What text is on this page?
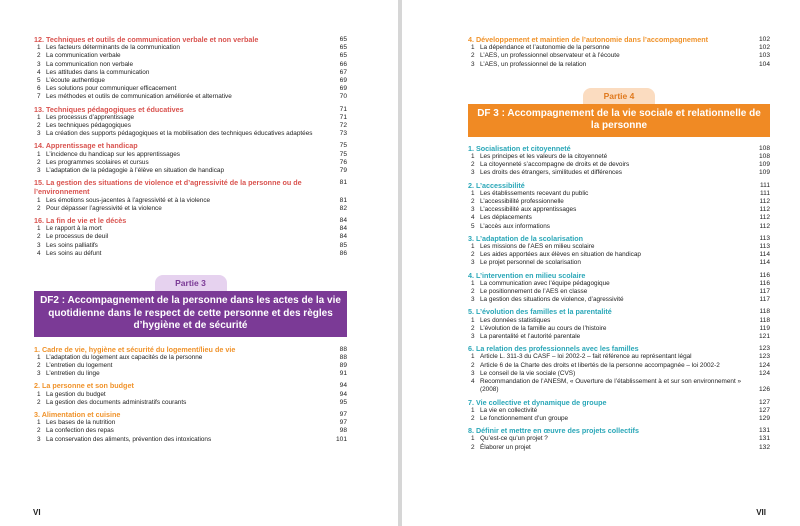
12. Techniques et outils de communication verbale et non verbale	65
1 Les facteurs déterminants de la communication	65
2 La communication verbale	65
3 La communication non verbale	66
4 Les attitudes dans la communication	67
5 L’écoute authentique	69
6 Les solutions pour communiquer efficacement	69
7 Les méthodes et outils de communication améliorée et alternative	70
13. Techniques pédagogiques et éducatives	71
1 Les processus d’apprentissage	71
2 Les techniques pédagogiques	72
3 La création des supports pédagogiques et la mobilisation des techniques éducatives adaptées	73
14. Apprentissage et handicap	75
1 L’incidence du handicap sur les apprentissages	75
2 Les programmes scolaires et cursus	76
3 L’adaptation de la pédagogie à l’élève en situation de handicap	79
15. La gestion des situations de violence et d’agressivité de la personne ou de l’environnement
81
1 Les émotions sous-jacentes à l’agressivité et à la violence	81
2 Pour dépasser l’agressivité et la violence	82
16. La fin de vie et le décès	84
1 Le rapport à la mort	84
2 Le processus de deuil	84
3 Les soins palliatifs	85
4 Les soins au défunt	86
Partie 3
DF2 : Accompagnement de la personne dans les actes de la vie quotidienne dans le respect de cette personne et des règles d’hygiène et de sécurité
1. Cadre de vie, hygiène et sécurité du logement/lieu de vie	88
1 L’adaptation du logement aux capacités de la personne	88
2 L’entretien du logement	89
3 L’entretien du linge	91
2. La personne et son budget	94
1 La gestion du budget	94
2 La gestion des documents administratifs courants	95
3. Alimentation et cuisine	97
1 Les bases de la nutrition	97
2 La confection des repas	98
3 La conservation des aliments, prévention des intoxications	101
VI
4. Développement et maintien de l’autonomie dans l’accompagnement	102
1 La dépendance et l’autonomie de la personne	102
2 L’AES, un professionnel observateur et à l’écoute	103
3 L’AES, un professionnel de la relation	104
Partie 4
DF 3 : Accompagnement de la vie sociale et relationnelle de la personne
1. Socialisation et citoyenneté	108
1 Les principes et les valeurs de la citoyenneté	108
2 La citoyenneté s’accompagne de droits et de devoirs	109
3 Les droits des étrangers, similitudes et différences	109
2. L’accessibilité	111
1 Les établissements recevant du public	111
2 L’accessibilité professionnelle	112
3 L’accessibilité aux apprentissages	112
4 Les déplacements	112
5 L’accès aux informations	112
3. L’adaptation de la scolarisation	113
1 Les missions de l’AES en milieu scolaire	113
2 Les aides apportées aux élèves en situation de handicap	114
3 Le projet personnel de scolarisation	114
4. L’intervention en milieu scolaire	116
1 La communication avec l’équipe pédagogique	116
2 Le positionnement de l’AES en classe	117
3 La gestion des situations de violence, d’agressivité	117
5. L’évolution des familles et la parentalité	118
1 Les données statistiques	118
2 L’évolution de la famille au cours de l’histoire	119
3 La parentalité et l’autorité parentale	121
6. La relation des professionnels avec les familles	123
1 Article L. 311-3 du CASF – loi 2002-2 – fait référence au représentant légal	123
2 Article 6 de la Charte des droits et libertés de la personne accompagnée – loi 2002-2	124
3 Le conseil de la vie sociale (CVS)	124
4 Recommandation de l’ANESM, « Ouverture de l’établissement à et sur son environnement » (2008)	126
7. Vie collective et dynamique de groupe	127
1 La vie en collectivité	127
2 Le fonctionnement d’un groupe	129
8. Définir et mettre en œuvre des projets collectifs	131
1 Qu’est-ce qu’un projet ?	131
2 Élaborer un projet	132
VII
